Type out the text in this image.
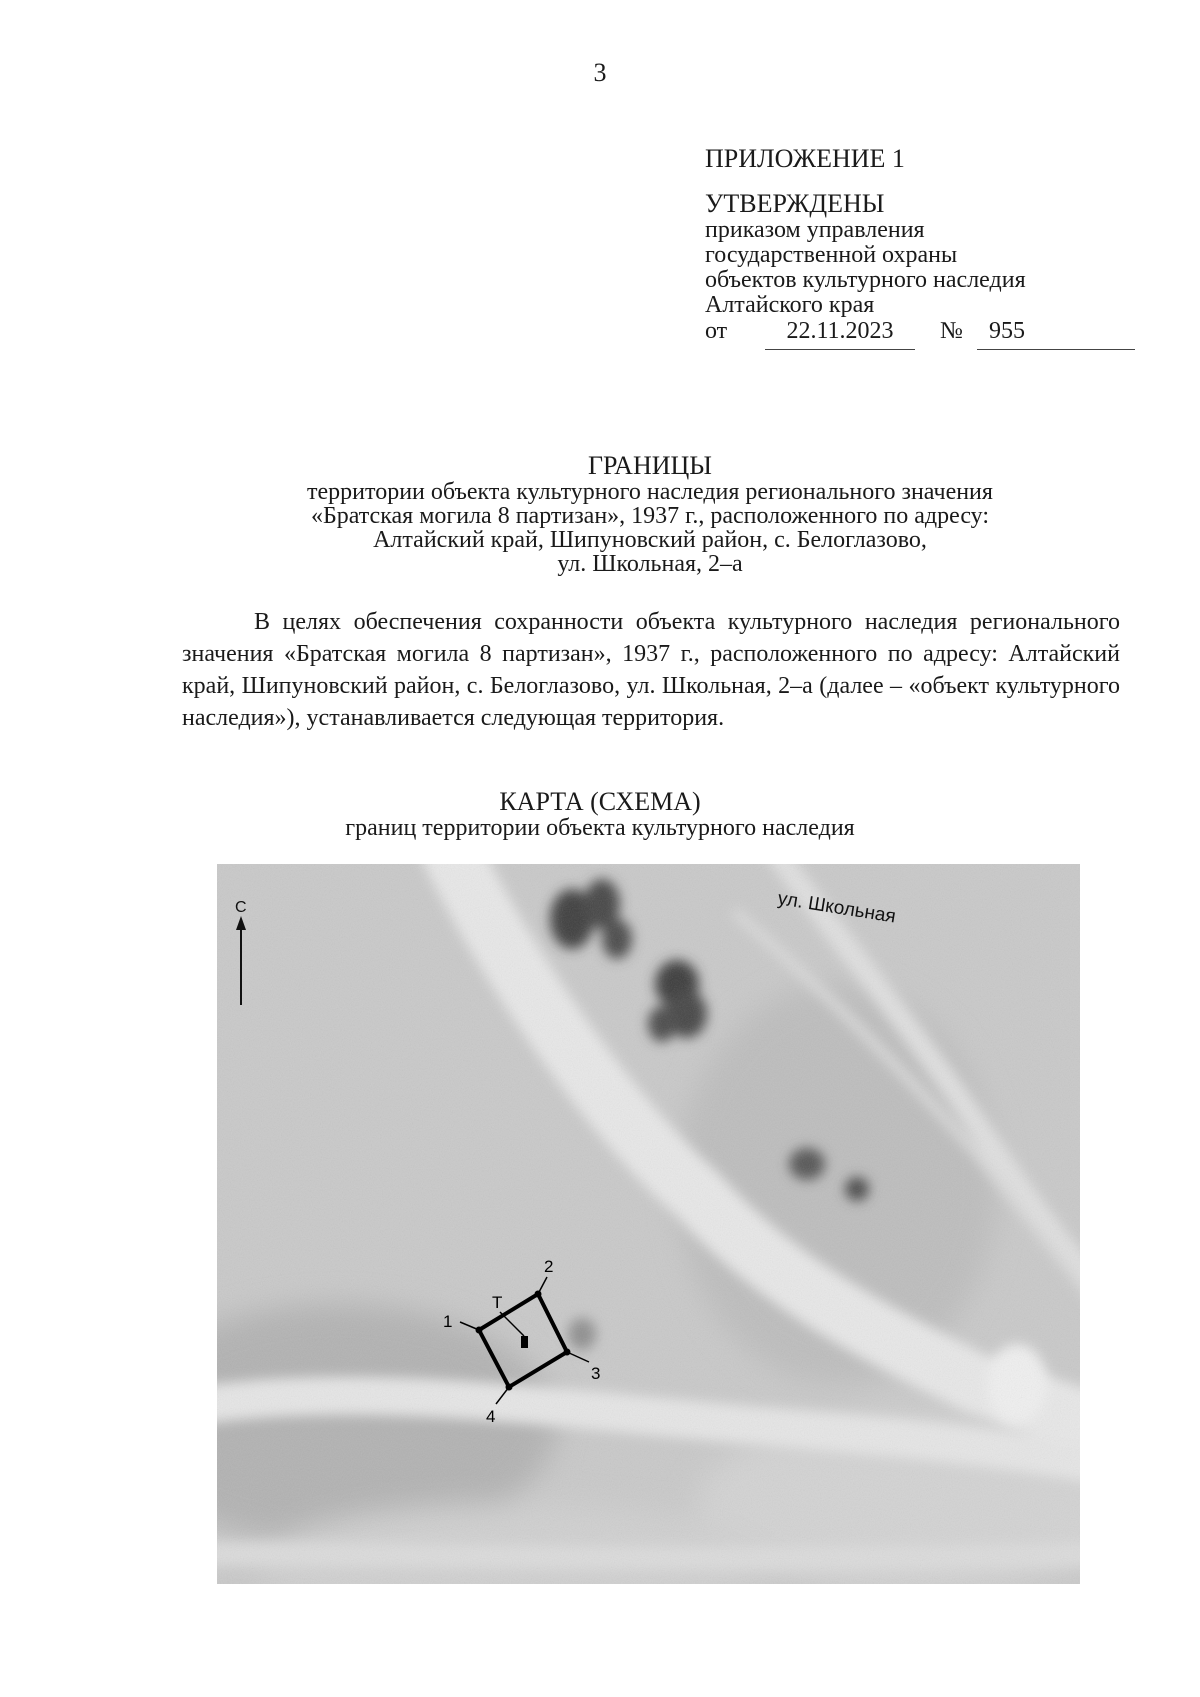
3
ПРИЛОЖЕНИЕ 1
УТВЕРЖДЕНЫ
приказом управления
государственной охраны
объектов культурного наследия
Алтайского края
от	22.11.2023	№	955
ГРАНИЦЫ
территории объекта культурного наследия регионального значения
«Братская могила 8 партизан», 1937 г., расположенного по адресу:
Алтайский край, Шипуновский район, с. Белоглазово,
ул. Школьная, 2–а
В целях обеспечения сохранности объекта культурного наследия регионального значения «Братская могила 8 партизан», 1937 г., расположенного по адресу: Алтайский край, Шипуновский район, с. Белоглазово, ул. Школьная, 2–а (далее – «объект культурного наследия»), устанавливается следующая территория.
КАРТА (СХЕМА)
границ территории объекта культурного наследия
С	ул. Школьная
1
2
3
4
Т
